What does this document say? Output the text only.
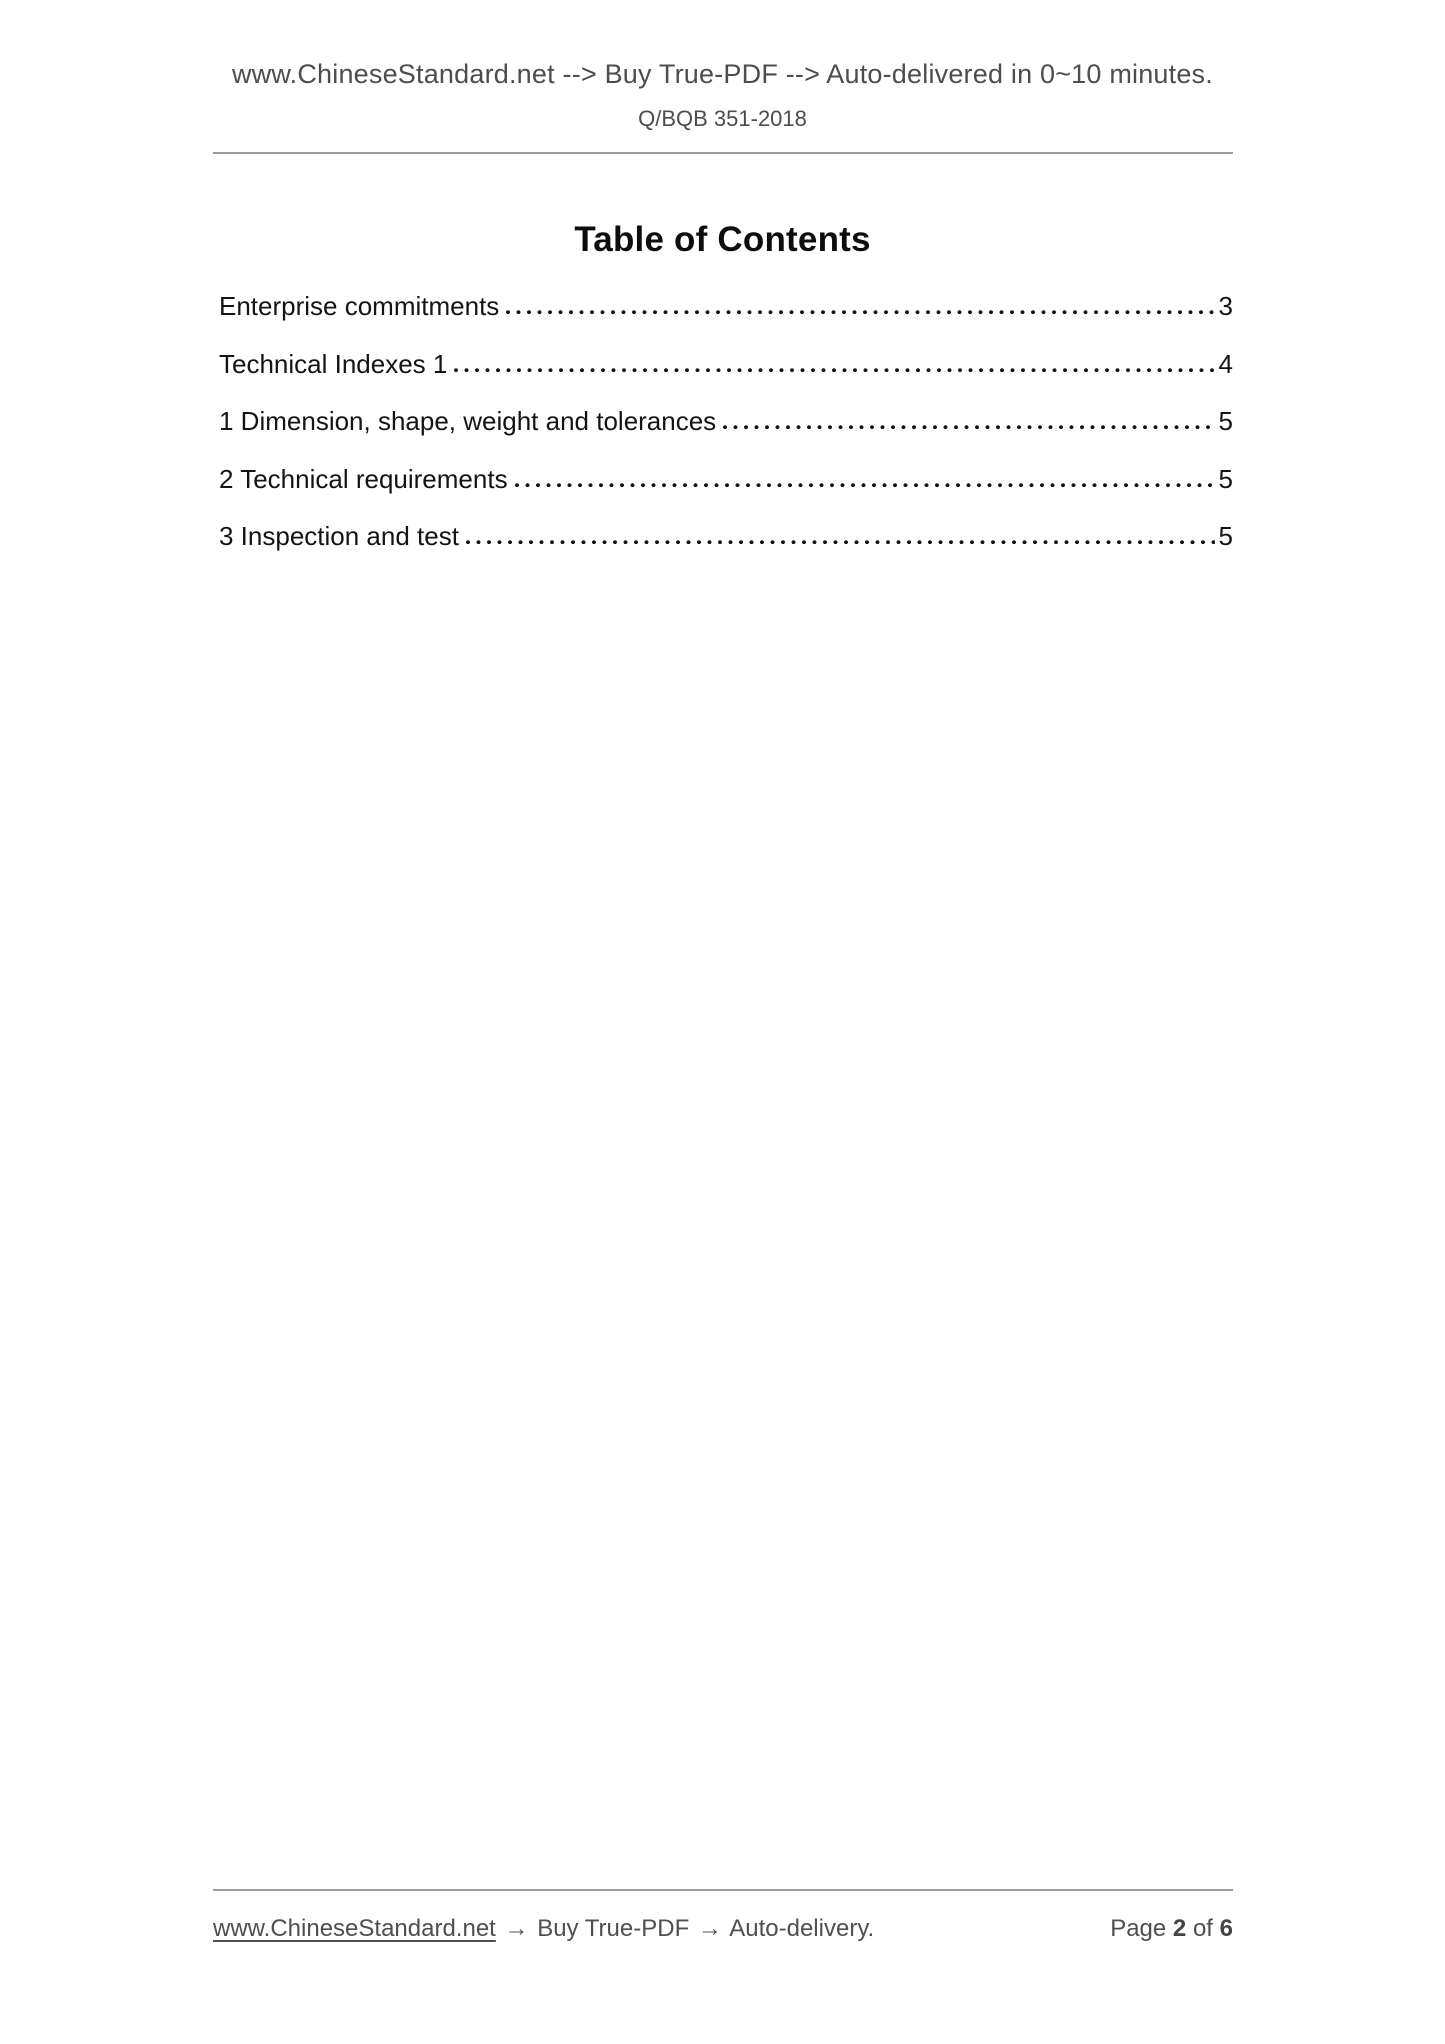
www.ChineseStandard.net --> Buy True-PDF --> Auto-delivered in 0~10 minutes.
Q/BQB 351-2018
Table of Contents
Enterprise commitments	3
Technical Indexes 1	4
1 Dimension, shape, weight and tolerances	5
2 Technical requirements	5
3 Inspection and test	5
www.ChineseStandard.net → Buy True-PDF → Auto-delivery.	Page 2 of 6
